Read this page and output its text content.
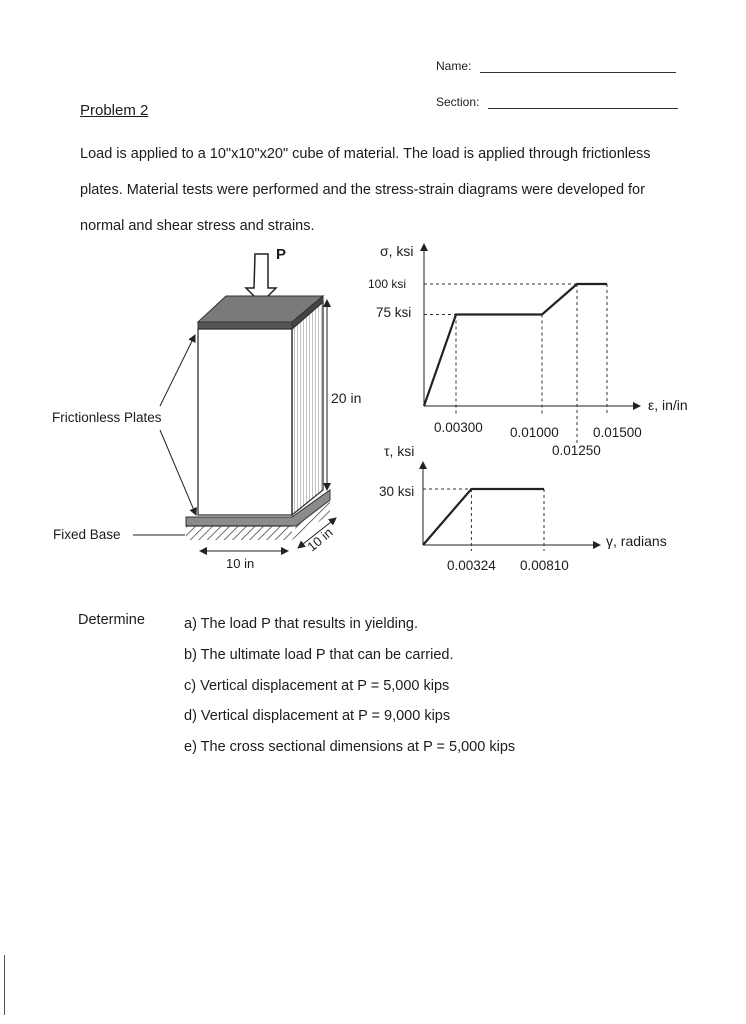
Name:
Section:
Problem 2
Load is applied to a 10"x10"x20" cube of material. The load is applied through frictionless plates. Material tests were performed and the stress-strain diagrams were developed for normal and shear stress and strains.
P
20 in
10 in
10 in
Frictionless Plates
Fixed Base
σ, ksi
ε, in/in
100 ksi
75 ksi
0.00300 0.01000	0.01500
0.01250
τ, ksi
γ, radians
30 ksi
0.00324 0.00810
Determine	a) The load P that results in yielding.
b) The ultimate load P that can be carried.
c) Vertical displacement at P = 5,000 kips
d) Vertical displacement at P = 9,000 kips
e) The cross sectional dimensions at P = 5,000 kips
